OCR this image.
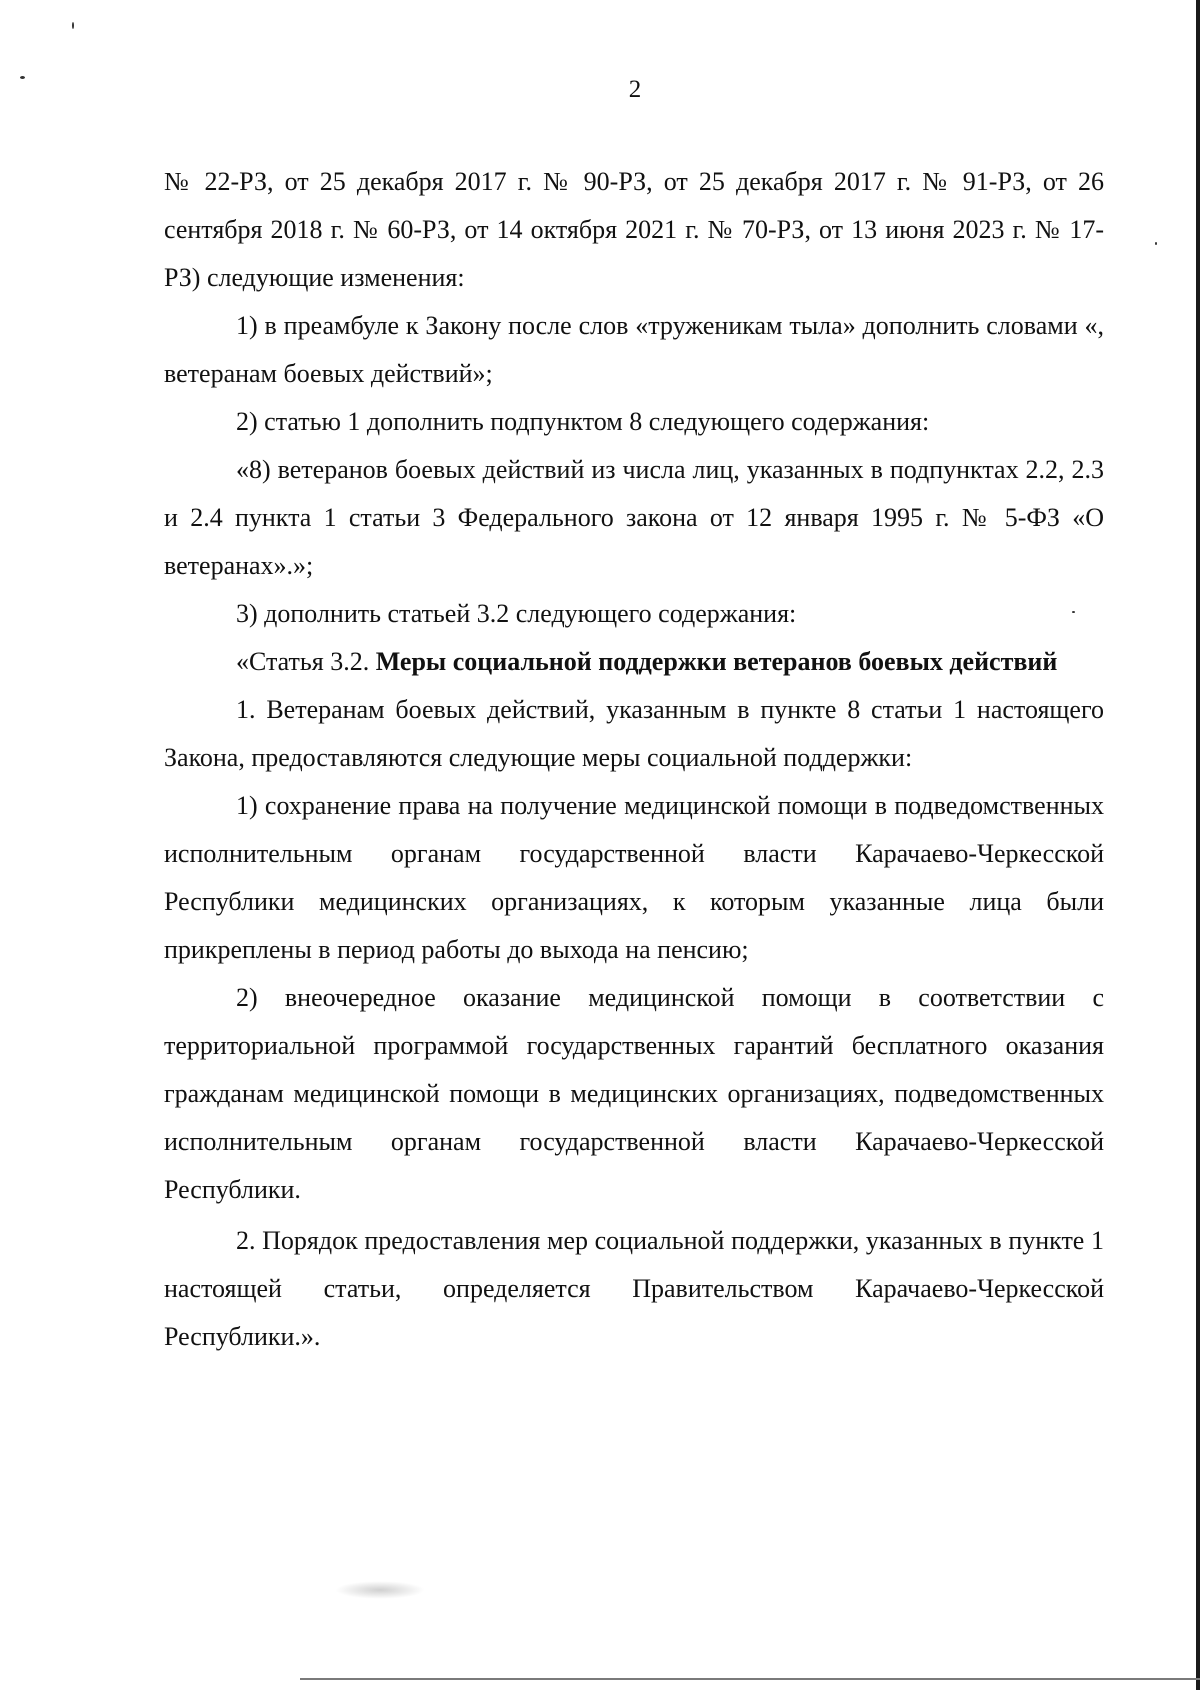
2

№ 22-РЗ, от 25 декабря 2017 г. № 90-РЗ, от 25 декабря 2017 г. № 91-РЗ, от 26 сентября 2018 г. № 60-РЗ, от 14 октября 2021 г. № 70-РЗ, от 13 июня 2023 г. № 17-РЗ) следующие изменения:

1) в преамбуле к Закону после слов «труженикам тыла» дополнить словами «, ветеранам боевых действий»;

2) статью 1 дополнить подпунктом 8 следующего содержания:

«8) ветеранов боевых действий из числа лиц, указанных в подпунктах 2.2, 2.3 и 2.4 пункта 1 статьи 3 Федерального закона от 12 января 1995 г. № 5-ФЗ «О ветеранах».»;

3) дополнить статьей 3.2 следующего содержания:

«Статья 3.2. Меры социальной поддержки ветеранов боевых действий

1. Ветеранам боевых действий, указанным в пункте 8 статьи 1 настоящего Закона, предоставляются следующие меры социальной поддержки:

1) сохранение права на получение медицинской помощи в подведомственных исполнительным органам государственной власти Карачаево-Черкесской Республики медицинских организациях, к которым указанные лица были прикреплены в период работы до выхода на пенсию;

2) внеочередное оказание медицинской помощи в соответствии с территориальной программой государственных гарантий бесплатного оказания гражданам медицинской помощи в медицинских организациях, подведомственных исполнительным органам государственной власти Карачаево-Черкесской Республики.

2. Порядок предоставления мер социальной поддержки, указанных в пункте 1 настоящей статьи, определяется Правительством Карачаево-Черкесской Республики.».
